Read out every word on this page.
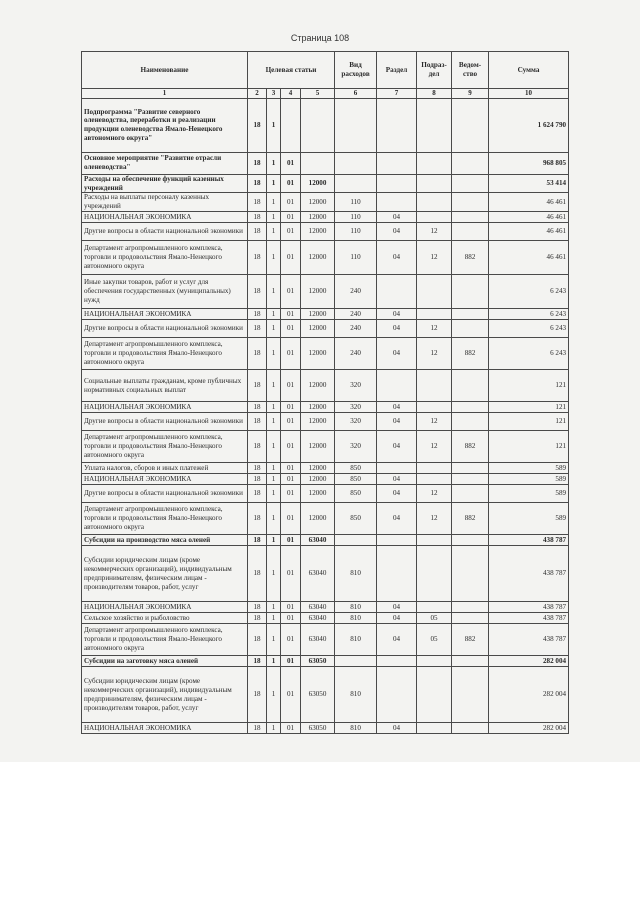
Страница 108
Наименование	Целевая статьи				Вид расходов	Раздел	Подраз-дел	Ведом-ство	Сумма
1	2	3	4	5	6	7	8	9	10
Подпрограмма "Развитие северного оленеводства, переработки и реализации продукции оленеводства Ямало-Ненецкого автономного округа"	18	1							1 624 790
Основное мероприятие "Развитие отрасли оленеводства"	18	1	01						968 805
Расходы на обеспечение функций казенных учреждений	18	1	01	12000					53 414
Расходы на выплаты персоналу казенных учреждений	18	1	01	12000	110				46 461
НАЦИОНАЛЬНАЯ ЭКОНОМИКА	18	1	01	12000	110	04			46 461
Другие вопросы в области национальной экономики	18	1	01	12000	110	04	12		46 461
Департамент агропромышленного комплекса, торговли и продовольствия Ямало-Ненецкого автономного округа	18	1	01	12000	110	04	12	882	46 461
Иные закупки товаров, работ и услуг для обеспечения государственных (муниципальных) нужд	18	1	01	12000	240				6 243
НАЦИОНАЛЬНАЯ ЭКОНОМИКА	18	1	01	12000	240	04			6 243
Другие вопросы в области национальной экономики	18	1	01	12000	240	04	12		6 243
Департамент агропромышленного комплекса, торговли и продовольствия Ямало-Ненецкого автономного округа	18	1	01	12000	240	04	12	882	6 243
Социальные выплаты гражданам, кроме публичных нормативных социальных выплат	18	1	01	12000	320				121
НАЦИОНАЛЬНАЯ ЭКОНОМИКА	18	1	01	12000	320	04			121
Другие вопросы в области национальной экономики	18	1	01	12000	320	04	12		121
Департамент агропромышленного комплекса, торговли и продовольствия Ямало-Ненецкого автономного округа	18	1	01	12000	320	04	12	882	121
Уплата налогов, сборов и иных платежей	18	1	01	12000	850				589
НАЦИОНАЛЬНАЯ ЭКОНОМИКА	18	1	01	12000	850	04			589
Другие вопросы в области национальной экономики	18	1	01	12000	850	04	12		589
Департамент агропромышленного комплекса, торговли и продовольствия Ямало-Ненецкого автономного округа	18	1	01	12000	850	04	12	882	589
Субсидии на производство мяса оленей	18	1	01	63040					438 787
Субсидии юридическим лицам (кроме некоммерческих организаций), индивидуальным предпринимателям, физическим лицам - производителям товаров, работ, услуг	18	1	01	63040	810				438 787
НАЦИОНАЛЬНАЯ ЭКОНОМИКА	18	1	01	63040	810	04			438 787
Сельское хозяйство и рыболовство	18	1	01	63040	810	04	05		438 787
Департамент агропромышленного комплекса, торговли и продовольствия Ямало-Ненецкого автономного округа	18	1	01	63040	810	04	05	882	438 787
Субсидии на заготовку мяса оленей	18	1	01	63050					282 004
Субсидии юридическим лицам (кроме некоммерческих организаций), индивидуальным предпринимателям, физическим лицам - производителям товаров, работ, услуг	18	1	01	63050	810				282 004
НАЦИОНАЛЬНАЯ ЭКОНОМИКА	18	1	01	63050	810	04			282 004
